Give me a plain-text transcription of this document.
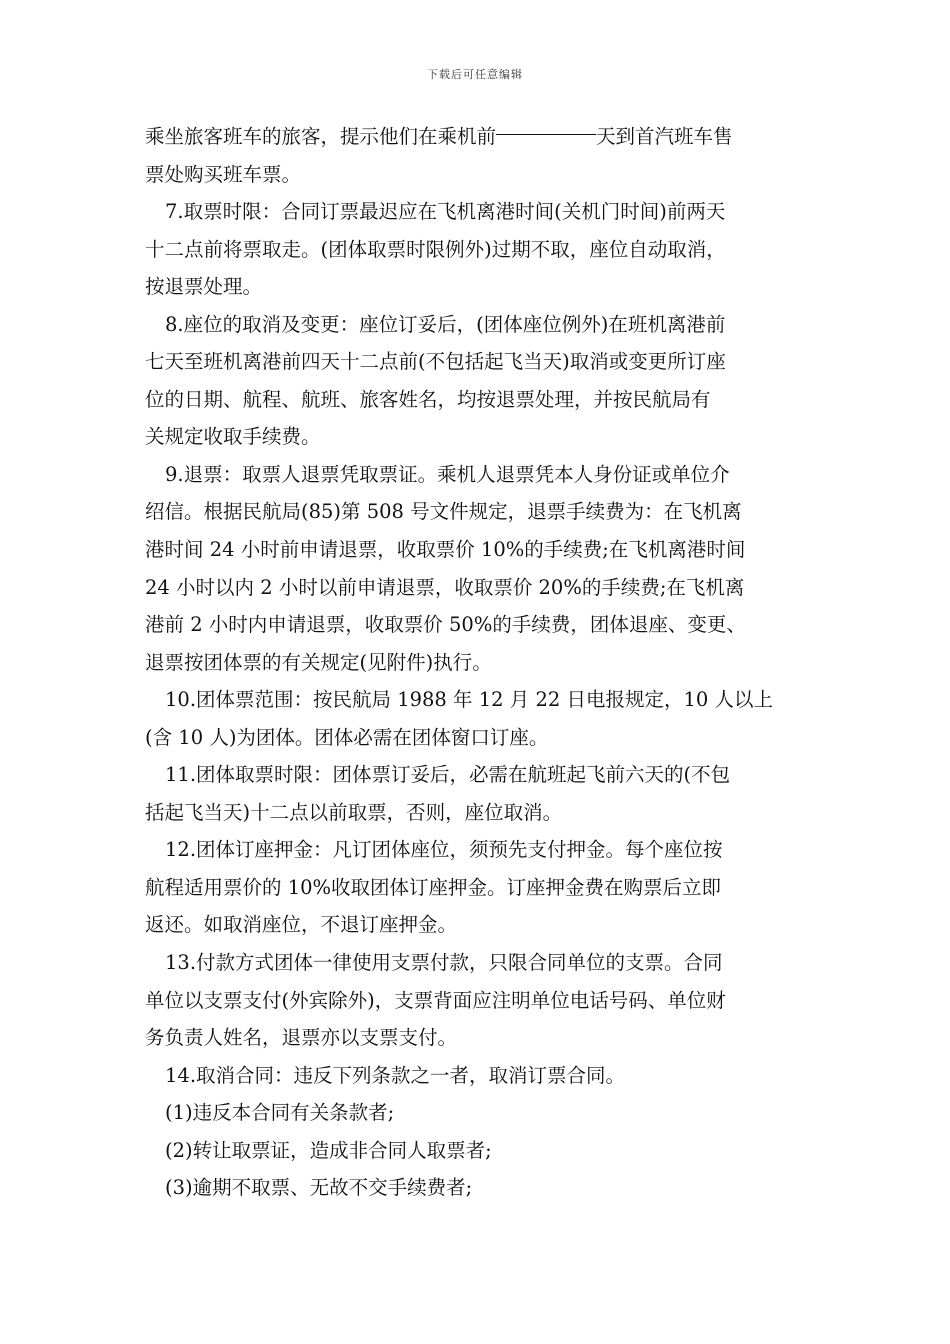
下载后可任意编辑
乘坐旅客班车的旅客，提示他们在乘机前	天到首汽班车售
票处购买班车票。
7.取票时限：合同订票最迟应在飞机离港时间(关机门时间)前两天
十二点前将票取走。(团体取票时限例外)过期不取，座位自动取消，
按退票处理。
8.座位的取消及变更：座位订妥后，(团体座位例外)在班机离港前
七天至班机离港前四天十二点前(不包括起飞当天)取消或变更所订座
位的日期、航程、航班、旅客姓名，均按退票处理，并按民航局有
关规定收取手续费。
9.退票：取票人退票凭取票证。乘机人退票凭本人身份证或单位介
绍信。根据民航局(85)第 508 号文件规定，退票手续费为：在飞机离
港时间 24 小时前申请退票，收取票价 10%的手续费;在飞机离港时间
24 小时以内 2 小时以前申请退票，收取票价 20%的手续费;在飞机离
港前 2 小时内申请退票，收取票价 50%的手续费，团体退座、变更、
退票按团体票的有关规定(见附件)执行。
10.团体票范围：按民航局 1988 年 12 月 22 日电报规定，10 人以上
(含 10 人)为团体。团体必需在团体窗口订座。
11.团体取票时限：团体票订妥后，必需在航班起飞前六天的(不包
括起飞当天)十二点以前取票，否则，座位取消。
12.团体订座押金：凡订团体座位，须预先支付押金。每个座位按
航程适用票价的 10%收取团体订座押金。订座押金费在购票后立即
返还。如取消座位，不退订座押金。
13.付款方式团体一律使用支票付款，只限合同单位的支票。合同
单位以支票支付(外宾除外)，支票背面应注明单位电话号码、单位财
务负责人姓名，退票亦以支票支付。
14.取消合同：违反下列条款之一者，取消订票合同。
(1)违反本合同有关条款者;
(2)转让取票证，造成非合同人取票者;
(3)逾期不取票、无故不交手续费者;
